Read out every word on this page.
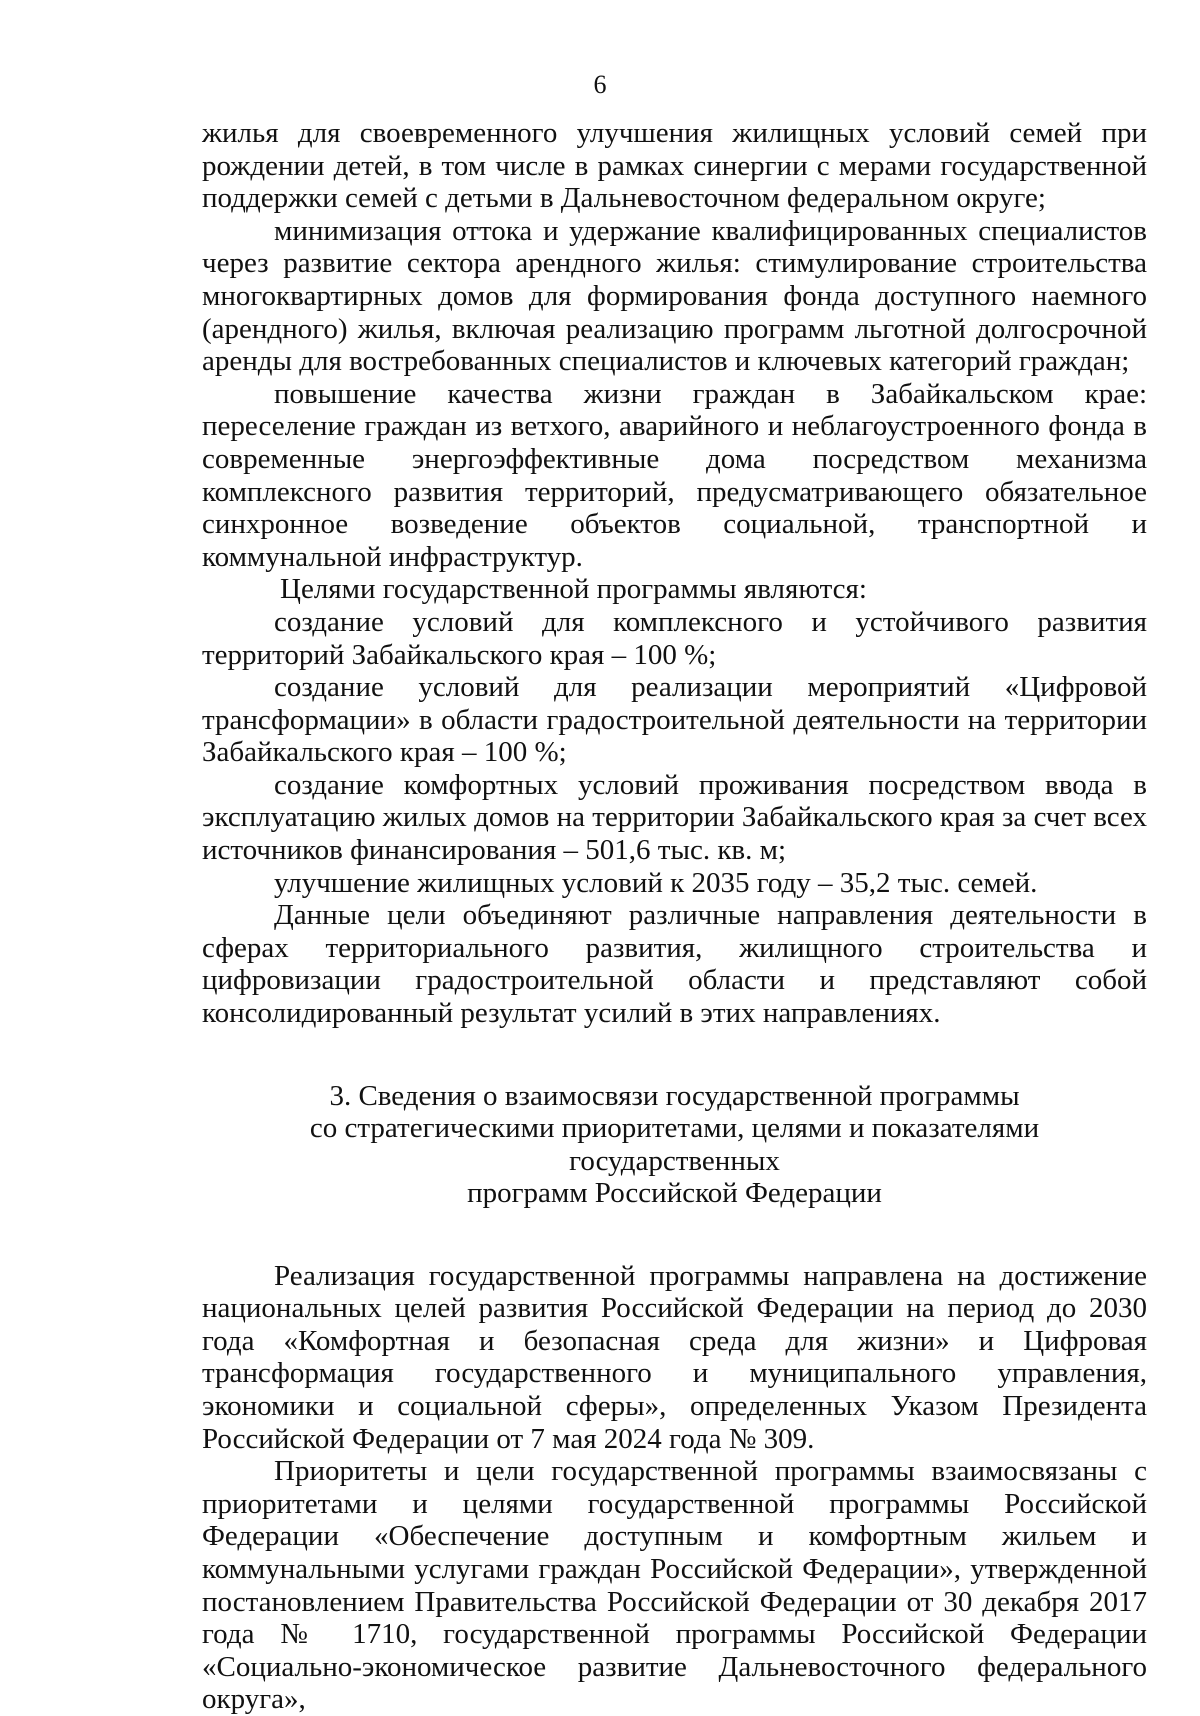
6

жилья для своевременного улучшения жилищных условий семей при рождении детей, в том числе в рамках синергии с мерами государственной поддержки семей с детьми в Дальневосточном федеральном округе;

минимизация оттока и удержание квалифицированных специалистов через развитие сектора арендного жилья: стимулирование строительства многоквартирных домов для формирования фонда доступного наемного (арендного) жилья, включая реализацию программ льготной долгосрочной аренды для востребованных специалистов и ключевых категорий граждан;

повышение качества жизни граждан в Забайкальском крае: переселение граждан из ветхого, аварийного и неблагоустроенного фонда в современные энергоэффективные дома посредством механизма комплексного развития территорий, предусматривающего обязательное синхронное возведение объектов социальной, транспортной и коммунальной инфраструктур.

Целями государственной программы являются:

создание условий для комплексного и устойчивого развития территорий Забайкальского края – 100 %;

создание условий для реализации мероприятий «Цифровой трансформации» в области градостроительной деятельности на территории Забайкальского края – 100 %;

создание комфортных условий проживания посредством ввода в эксплуатацию жилых домов на территории Забайкальского края за счет всех источников финансирования – 501,6 тыс. кв. м;

улучшение жилищных условий к 2035 году – 35,2 тыс. семей.

Данные цели объединяют различные направления деятельности в сферах территориального развития, жилищного строительства и цифровизации градостроительной области и представляют собой консолидированный результат усилий в этих направлениях.

3. Сведения о взаимосвязи государственной программы
со стратегическими приоритетами, целями и показателями государственных
программ Российской Федерации

Реализация государственной программы направлена на достижение национальных целей развития Российской Федерации на период до 2030 года «Комфортная и безопасная среда для жизни» и Цифровая трансформация государственного и муниципального управления, экономики и социальной сферы», определенных Указом Президента Российской Федерации от 7 мая 2024 года № 309.

Приоритеты и цели государственной программы взаимосвязаны с приоритетами и целями государственной программы Российской Федерации «Обеспечение доступным и комфортным жильем и коммунальными услугами граждан Российской Федерации», утвержденной постановлением Правительства Российской Федерации от 30 декабря 2017 года № 1710, государственной программы Российской Федерации «Социально-экономическое развитие Дальневосточного федерального округа»,
